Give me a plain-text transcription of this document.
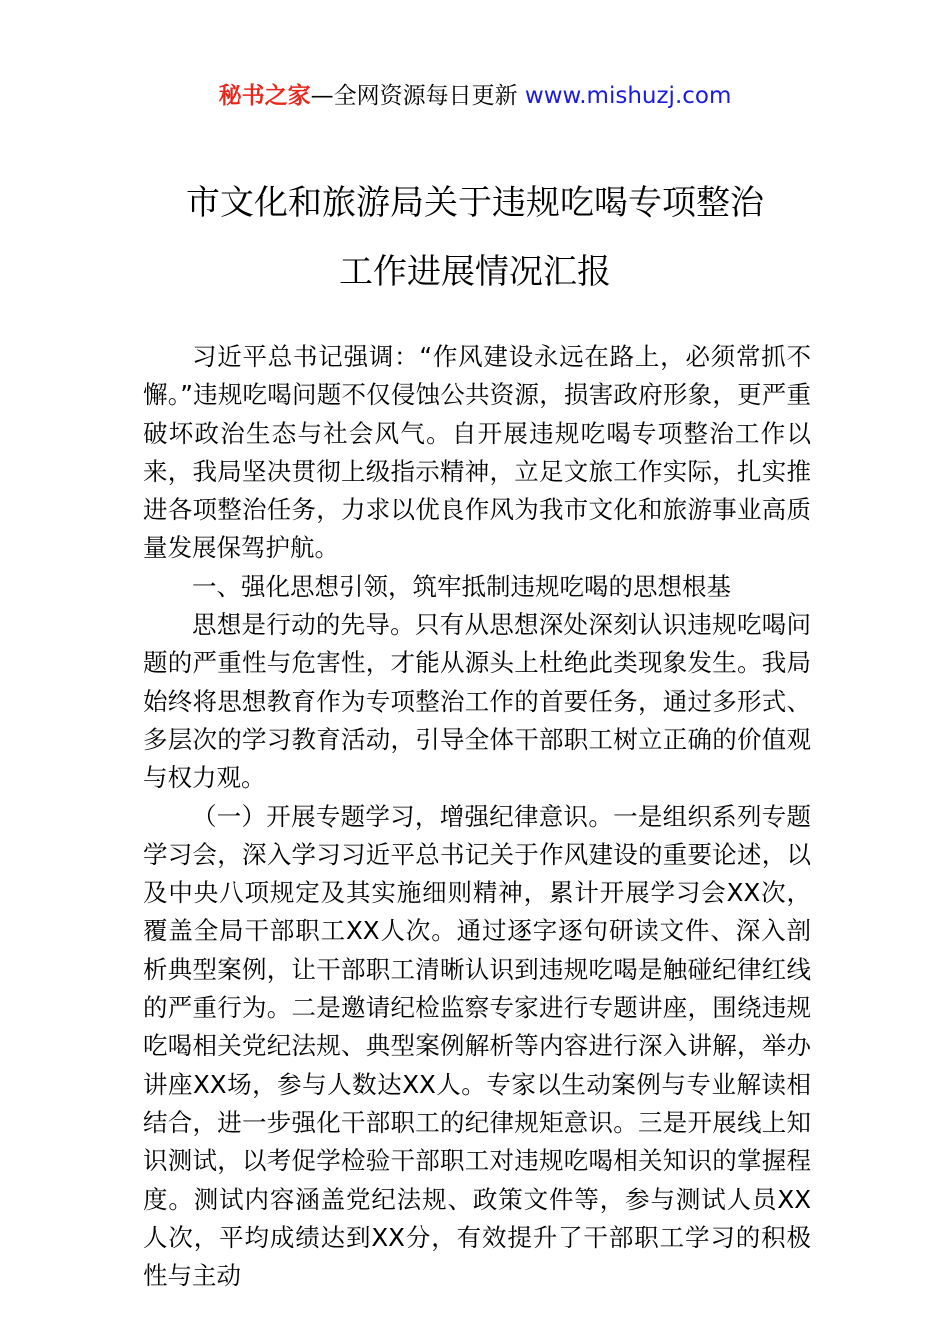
秘书之家—全网资源每日更新 www.mishuzj.com
市文化和旅游局关于违规吃喝专项整治
工作进展情况汇报

习近平总书记强调：“作风建设永远在路上，必须常抓不懈。”违规吃喝问题不仅侵蚀公共资源，损害政府形象，更严重破坏政治生态与社会风气。自开展违规吃喝专项整治工作以来，我局坚决贯彻上级指示精神，立足文旅工作实际，扎实推进各项整治任务，力求以优良作风为我市文化和旅游事业高质量发展保驾护航。

一、强化思想引领，筑牢抵制违规吃喝的思想根基

思想是行动的先导。只有从思想深处深刻认识违规吃喝问题的严重性与危害性，才能从源头上杜绝此类现象发生。我局始终将思想教育作为专项整治工作的首要任务，通过多形式、多层次的学习教育活动，引导全体干部职工树立正确的价值观与权力观。

（一）开展专题学习，增强纪律意识。一是组织系列专题学习会，深入学习习近平总书记关于作风建设的重要论述，以及中央八项规定及其实施细则精神，累计开展学习会XX次，覆盖全局干部职工XX人次。通过逐字逐句研读文件、深入剖析典型案例，让干部职工清晰认识到违规吃喝是触碰纪律红线的严重行为。二是邀请纪检监察专家进行专题讲座，围绕违规吃喝相关党纪法规、典型案例解析等内容进行深入讲解，举办讲座XX场，参与人数达XX人。专家以生动案例与专业解读相结合，进一步强化干部职工的纪律规矩意识。三是开展线上知识测试，以考促学检验干部职工对违规吃喝相关知识的掌握程度。测试内容涵盖党纪法规、政策文件等，参与测试人员XX人次，平均成绩达到XX分，有效提升了干部职工学习的积极性与主动
